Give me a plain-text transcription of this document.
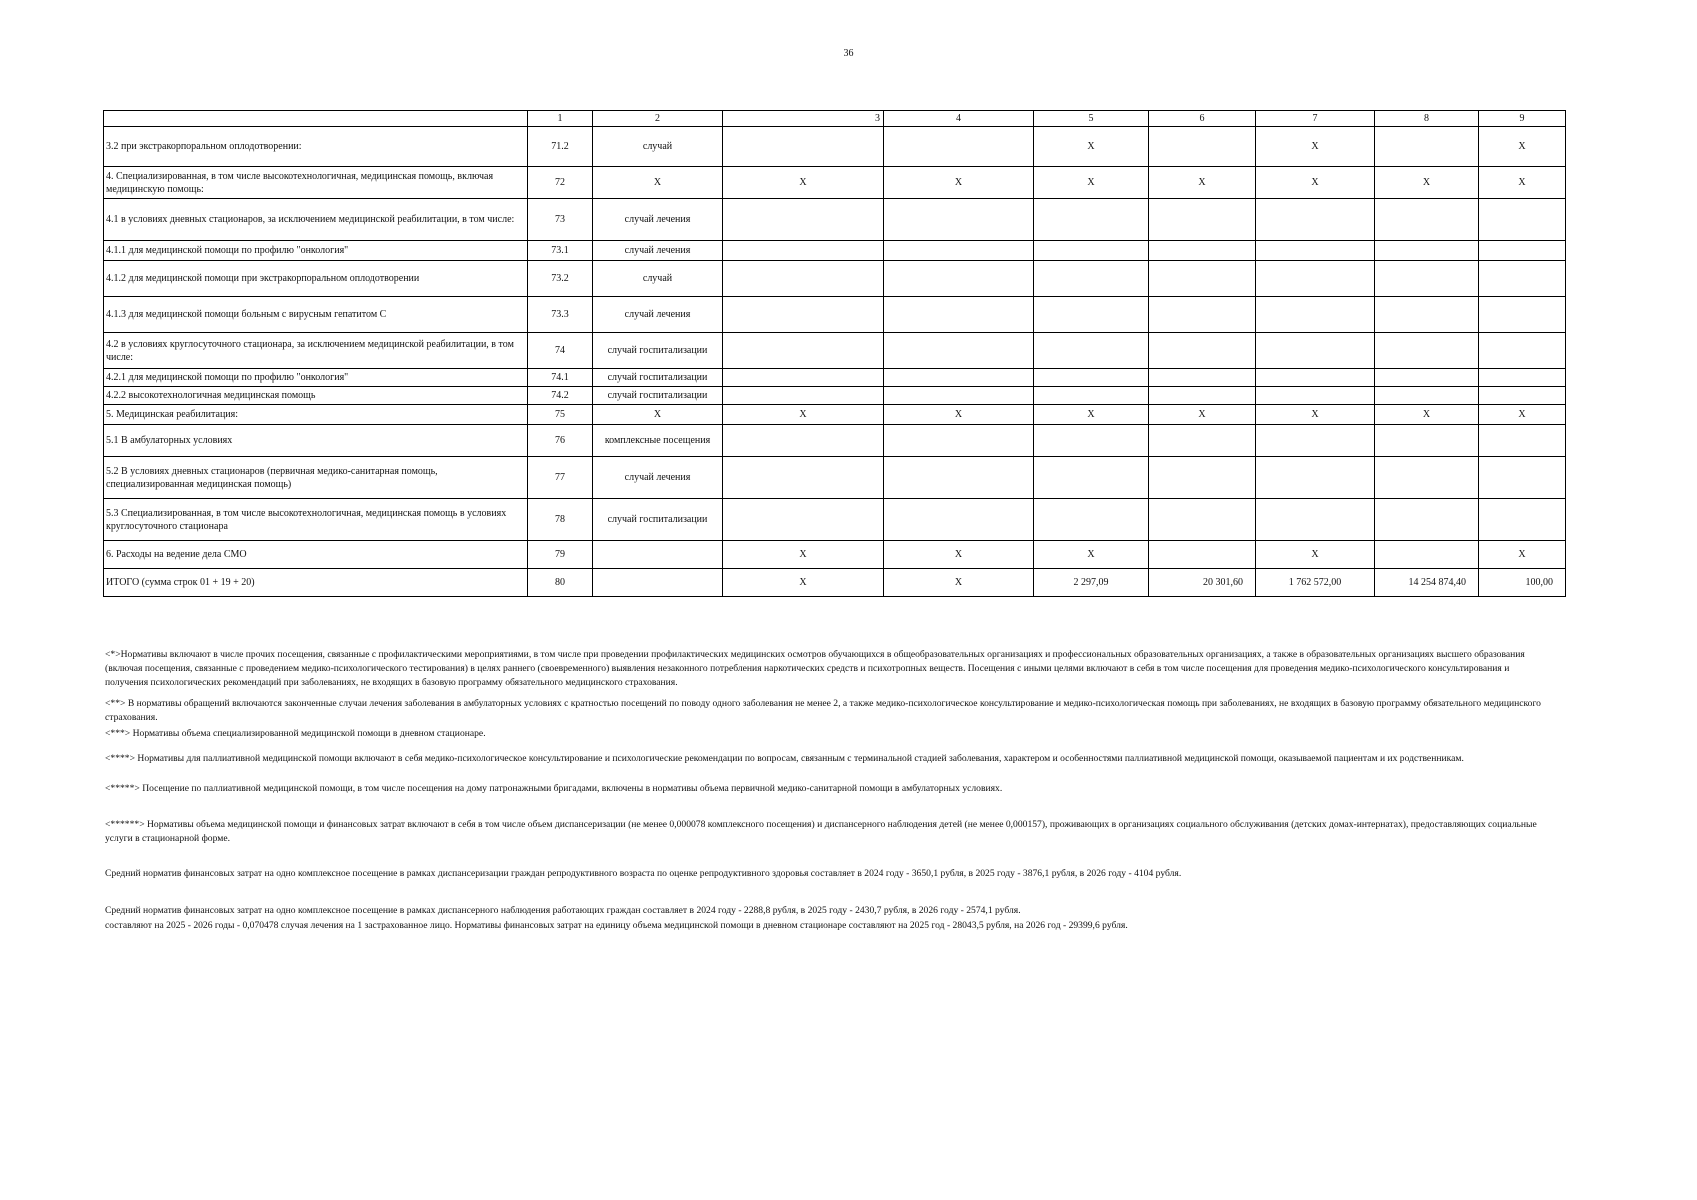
36
	1	2	3	4	5	6	7	8	9
3.2 при экстракорпоральном оплодотворении:	71.2	случай			X		X		X
4. Специализированная, в том числе высокотехнологичная, медицинская помощь, включая медицинскую помощь:	72	X	X	X	X	X	X	X	X
4.1 в условиях дневных стационаров, за исключением медицинской реабилитации, в том числе:	73	случай лечения							
4.1.1 для медицинской помощи по профилю "онкология"	73.1	случай лечения							
4.1.2 для медицинской помощи при экстракорпоральном оплодотворении	73.2	случай							
4.1.3 для медицинской помощи больным с вирусным гепатитом С	73.3	случай лечения							
4.2 в условиях круглосуточного стационара, за исключением медицинской реабилитации, в том числе:	74	случай госпитализации							
4.2.1 для медицинской помощи по профилю "онкология"	74.1	случай госпитализации							
4.2.2 высокотехнологичная медицинская помощь	74.2	случай госпитализации							
5. Медицинская реабилитация:	75	X	X	X	X	X	X	X	X
5.1 В амбулаторных условиях	76	комплексные посещения							
5.2 В условиях дневных стационаров (первичная медико-санитарная помощь, специализированная медицинская помощь)	77	случай лечения							
5.3 Специализированная, в том числе высокотехнологичная, медицинская помощь в условиях круглосуточного стационара	78	случай госпитализации							
6. Расходы на ведение дела СМО	79		X	X	X		X		X
ИТОГО (сумма строк 01 + 19 + 20)	80		X	X	2 297,09	20 301,60	1 762 572,00	14 254 874,40	100,00

<*>Нормативы включают в числе прочих посещения, связанные с профилактическими мероприятиями, в том числе при проведении профилактических медицинских осмотров обучающихся в общеобразовательных организациях и профессиональных образовательных организациях, а также в образовательных организациях высшего образования (включая посещения, связанные с проведением медико-психологического тестирования) в целях раннего (своевременного) выявления незаконного потребления наркотических средств и психотропных веществ. Посещения с иными целями включают в себя в том числе посещения для проведения медико-психологического консультирования и получения психологических рекомендаций при заболеваниях, не входящих в базовую программу обязательного медицинского страхования.

<**> В нормативы обращений включаются законченные случаи лечения заболевания в амбулаторных условиях с кратностью посещений по поводу одного заболевания не менее 2, а также медико-психологическое консультирование и медико-психологическая помощь при заболеваниях, не входящих в базовую программу обязательного медицинского страхования.

<***> Нормативы объема специализированной медицинской помощи в дневном стационаре.

<****> Нормативы для паллиативной медицинской помощи включают в себя медико-психологическое консультирование и психологические рекомендации по вопросам, связанным с терминальной стадией заболевания, характером и особенностями паллиативной медицинской помощи, оказываемой пациентам и их родственникам.

<*****> Посещение по паллиативной медицинской помощи, в том числе посещения на дому патронажными бригадами, включены в нормативы объема первичной медико-санитарной помощи в амбулаторных условиях.

<******> Нормативы объема медицинской помощи и финансовых затрат включают в себя в том числе объем диспансеризации (не менее 0,000078 комплексного посещения) и диспансерного наблюдения детей (не менее 0,000157), проживающих в организациях социального обслуживания (детских домах-интернатах), предоставляющих социальные услуги в стационарной форме.

Средний норматив финансовых затрат на одно комплексное посещение в рамках диспансеризации граждан репродуктивного возраста по оценке репродуктивного здоровья составляет в 2024 году - 3650,1 рубля, в 2025 году - 3876,1 рубля, в 2026 году - 4104 рубля.

Средний норматив финансовых затрат на одно комплексное посещение в рамках диспансерного наблюдения работающих граждан составляет в 2024 году - 2288,8 рубля, в 2025 году - 2430,7 рубля, в 2026 году - 2574,1 рубля.

составляют на 2025 - 2026 годы - 0,070478 случая лечения на 1 застрахованное лицо. Нормативы финансовых затрат на единицу объема медицинской помощи в дневном стационаре составляют на 2025 год - 28043,5 рубля, на 2026 год - 29399,6 рубля.
